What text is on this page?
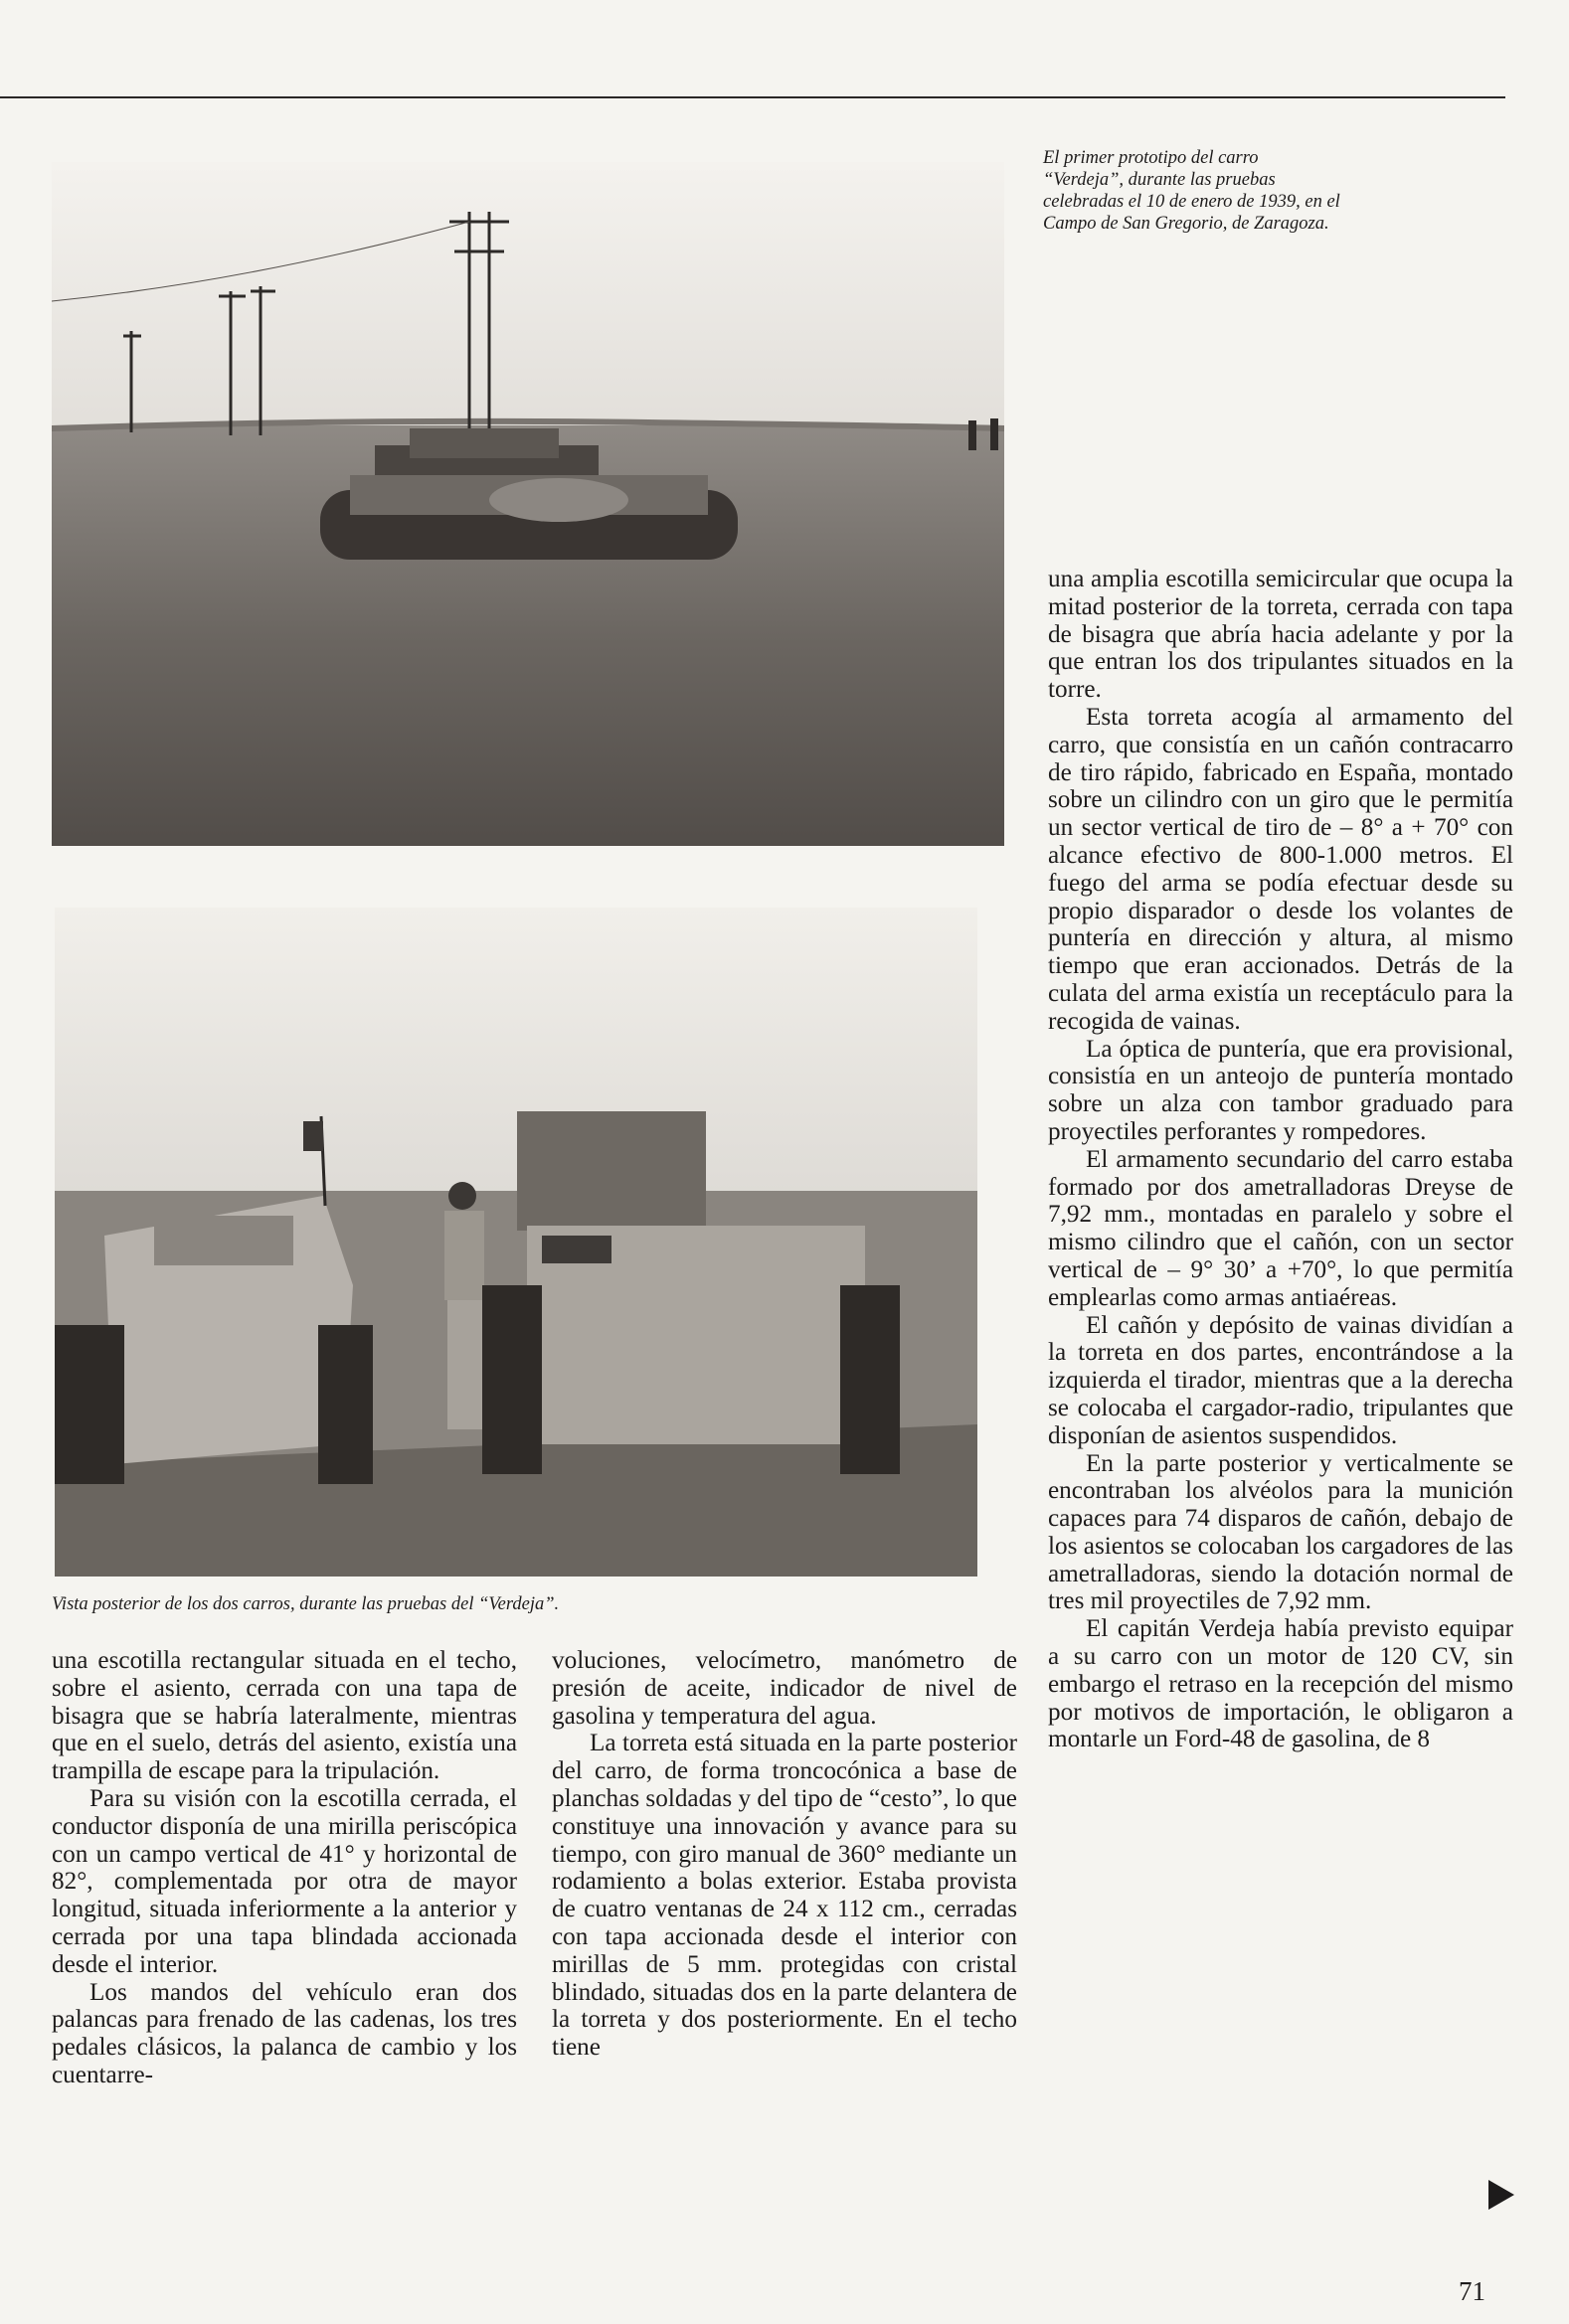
El primer prototipo del carro “Verdeja”, durante las pruebas celebradas el 10 de enero de 1939, en el Campo de San Gregorio, de Zaragoza.

Vista posterior de los dos carros, durante las pruebas del “Verdeja”.

una amplia escotilla semicircular que ocupa la mitad posterior de la torreta, cerrada con tapa de bisagra que abría hacia adelante y por la que entran los dos tripulantes situados en la torre.

Esta torreta acogía al armamento del carro, que consistía en un cañón contracarro de tiro rápido, fabricado en España, montado sobre un cilindro con un giro que le permitía un sector vertical de tiro de – 8° a + 70° con alcance efectivo de 800-1.000 metros. El fuego del arma se podía efectuar desde su propio disparador o desde los volantes de puntería en dirección y altura, al mismo tiempo que eran accionados. Detrás de la culata del arma existía un receptáculo para la recogida de vainas.

La óptica de puntería, que era provisional, consistía en un anteojo de puntería montado sobre un alza con tambor graduado para proyectiles perforantes y rompedores.

El armamento secundario del carro estaba formado por dos ametralladoras Dreyse de 7,92 mm., montadas en paralelo y sobre el mismo cilindro que el cañón, con un sector vertical de – 9° 30’ a +70°, lo que permitía emplearlas como armas antiaéreas.

El cañón y depósito de vainas dividían a la torreta en dos partes, encontrándose a la izquierda el tirador, mientras que a la derecha se colocaba el cargador-radio, tripulantes que disponían de asientos suspendidos.

En la parte posterior y verticalmente se encontraban los alvéolos para la munición capaces para 74 disparos de cañón, debajo de los asientos se colocaban los cargadores de las ametralladoras, siendo la dotación normal de tres mil proyectiles de 7,92 mm.

El capitán Verdeja había previsto equipar a su carro con un motor de 120 CV, sin embargo el retraso en la recepción del mismo por motivos de importación, le obligaron a montarle un Ford-48 de gasolina, de 8

una escotilla rectangular situada en el techo, sobre el asiento, cerrada con una tapa de bisagra que se habría lateralmente, mientras que en el suelo, detrás del asiento, existía una trampilla de escape para la tripulación.

Para su visión con la escotilla cerrada, el conductor disponía de una mirilla periscópica con un campo vertical de 41° y horizontal de 82°, complementada por otra de mayor longitud, situada inferiormente a la anterior y cerrada por una tapa blindada accionada desde el interior.

Los mandos del vehículo eran dos palancas para frenado de las cadenas, los tres pedales clásicos, la palanca de cambio y los cuentarre-

voluciones, velocímetro, manómetro de presión de aceite, indicador de nivel de gasolina y temperatura del agua.

La torreta está situada en la parte posterior del carro, de forma troncocónica a base de planchas soldadas y del tipo de “cesto”, lo que constituye una innovación y avance para su tiempo, con giro manual de 360° mediante un rodamiento a bolas exterior. Estaba provista de cuatro ventanas de 24 x 112 cm., cerradas con tapa accionada desde el interior con mirillas de 5 mm. protegidas con cristal blindado, situadas dos en la parte delantera de la torreta y dos posteriormente. En el techo tiene

71
